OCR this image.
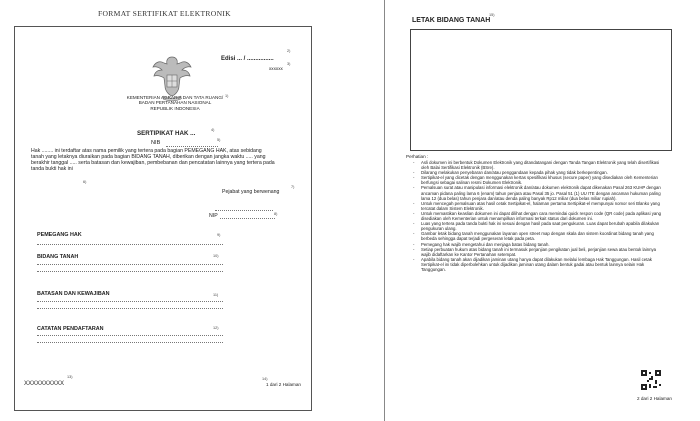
FORMAT SERTIFIKAT ELEKTRONIK
Edisi ... / ................
2)
xxxxxx
3)
KEMENTERIAN AGRARIA DAN TATA RUANG/
BADAN PERTANAHAN NASIONAL
REPUBLIK INDONESIA
1)
SERTIPIKAT HAK ...	4)
NIB	5)
Hak ........ ini terdaftar atas nama pemilik yang tertera pada bagian PEMEGANG HAK, atas sebidang
tanah yang letaknya diuraikan pada bagian BIDANG TANAH, diberikan dengan jangka waktu ..... yang
berakhir tanggal ..... serta batasan dan kewajiban, pembebanan dan pencatatan lainnya yang tertera pada
tanda bukti hak ini
6)
Pejabat yang berwenang
7)
NIP	8)
PEMEGANG HAK	9)
BIDANG TANAH	10)
BATASAN DAN KEWAJIBAN	11)
CATATAN PENDAFTARAN	12)
XXXXXXXXXX
13)
1 dari 2 Halaman
14)
LETAK BIDANG TANAH
15)
Perhatian :
-	Asli dokumen ini berbentuk Dokumen Elektronik yang ditandatangani dengan Tanda Tangan Elektronik yang telah disertifikasi oleh Balai Sertifikasi Elektronik (BSre).
-	Dilarang melakukan penyebaran dan/atau penggandaan kepada pihak yang tidak berkepentingan.
-	Sertipikat-el yang dicetak dengan menggunakan kertas spesifikasi khusus (secure paper) yang disediakan oleh Kementerian berfungsi sebagai salinan resmi Dokumen Elektronik.
-	Pemalsuan surat atau manipulasi informasi elektronik dan/atau dokumen elektronik dapat dikenakan Pasal 263 KUHP dengan ancaman pidana paling lama 6 (enam) tahun penjara atau Pasal 35 jo. Pasal 51 (1) UU ITE dengan ancaman hukuman paling lama 12 (dua belas) tahun penjara dan/atau denda paling banyak Rp12 miliar (dua belas miliar rupiah).
-	Untuk mencegah pemalsuan atas hasil cetak Sertipikat-el, halaman pertama Sertipikat-el mempunyai nomor seri Blanko yang tercatat dalam Sistem Elektronik.
-	Untuk memastikan keaslian dokumen ini dapat dilihat dengan cara memindai quick respon code (QR code) pada aplikasi yang disediakan oleh Kementerian untuk menampilkan informasi terkait status dari dokumen ini.
-	Luas yang tertera pada tanda bukti hak ini sesuai dengan hasil pada saat pengukuran. Luas dapat berubah apabila dilakukan pengukuran ulang.
-	Gambar letak bidang tanah menggunakan layanan open street map dengan skala dan sistem koordinat bidang tanah yang berbeda sehingga dapat terjadi pergeseran letak pada peta.
-	Pemegang hak wajib mengetahui dan menjaga batas bidang tanah.
-	Setiap perbuatan hukum atas bidang tanah ini termasuk perjanjian pengikatan jual beli, perjanjian sewa atau bentuk lainnya wajib didaftarkan ke Kantor Pertanahan setempat.
-	Apabila bidang tanah akan dijadikan jaminan utang hanya dapat dilakukan melalui lembaga Hak Tanggungan. Hasil cetak Sertipikat-el ini tidak diperbolehkan untuk dijadikan jaminan utang dalam bentuk gadai atau bentuk lainnya selain Hak Tanggungan.
2 dari 2 Halaman
